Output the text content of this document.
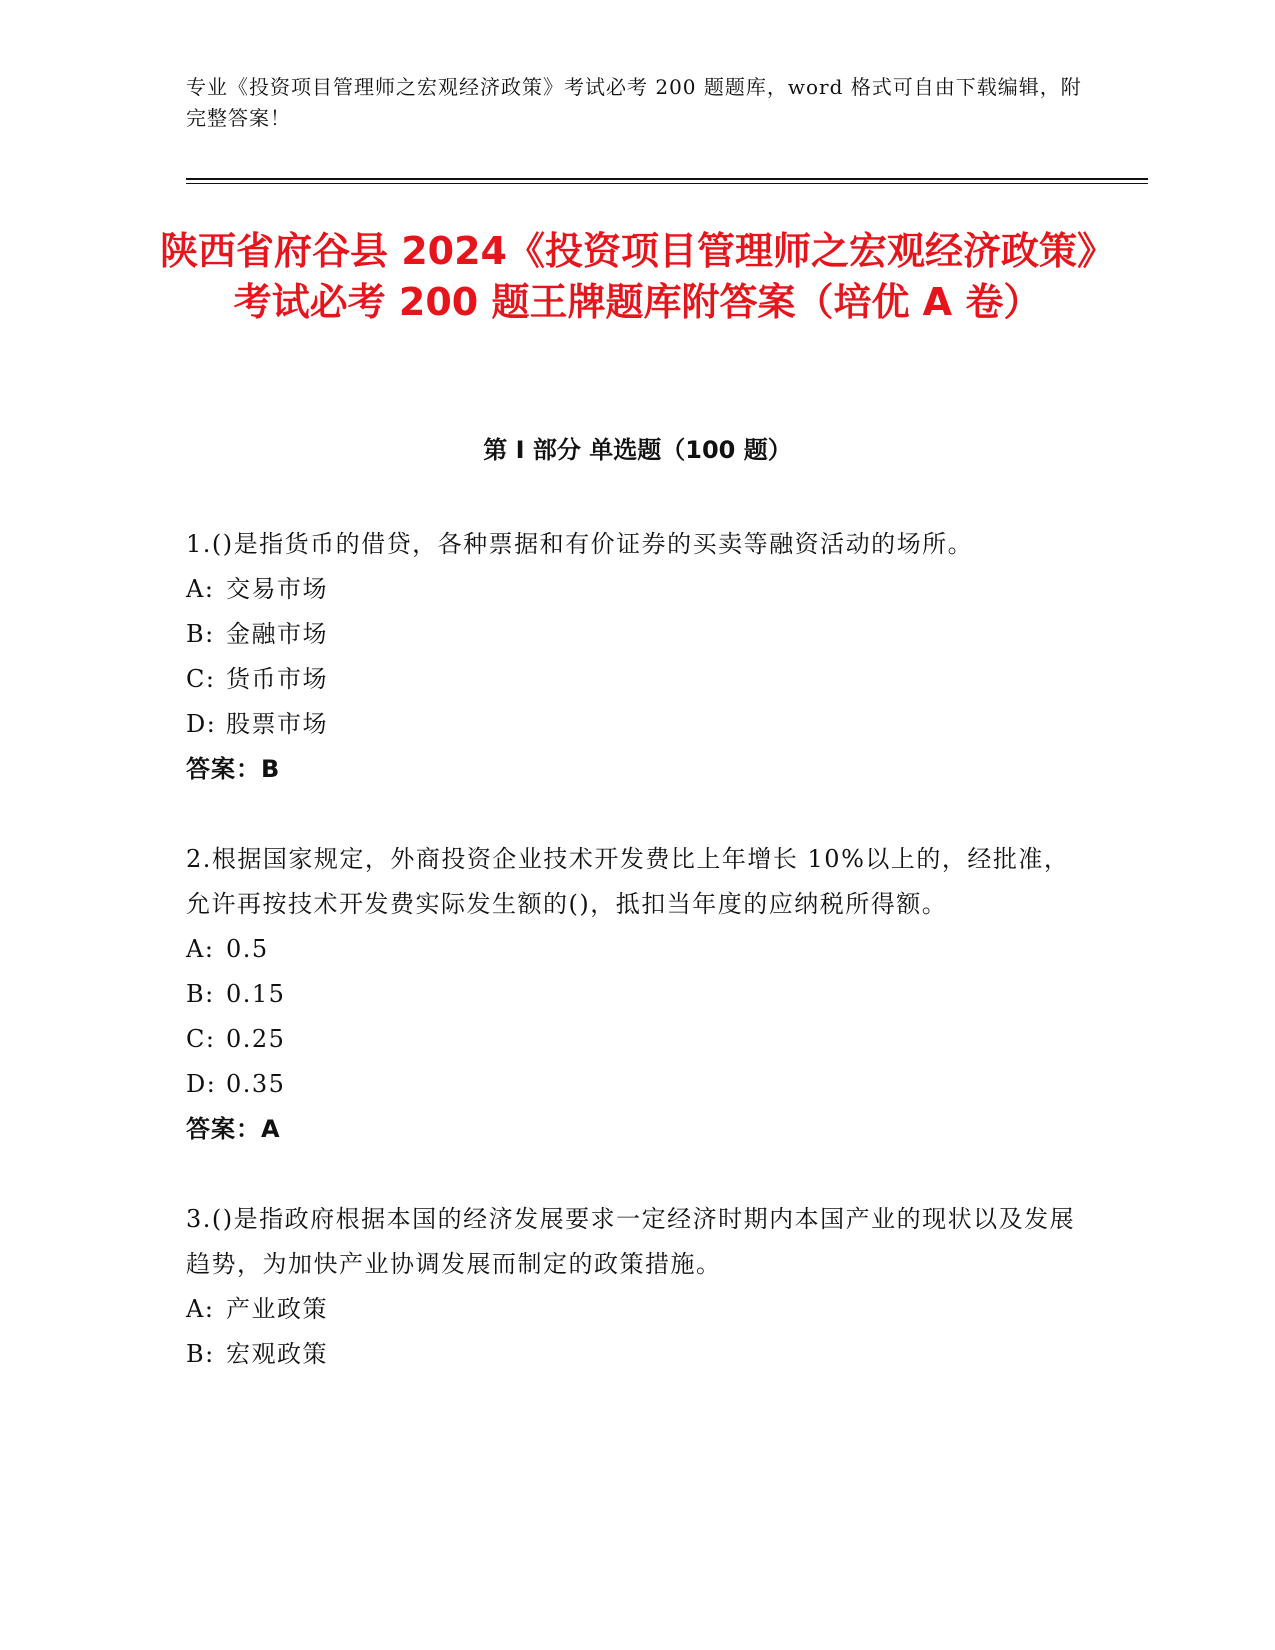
专业《投资项目管理师之宏观经济政策》考试必考 200 题题库，word 格式可自由下载编辑，附完整答案！
陕西省府谷县 2024《投资项目管理师之宏观经济政策》考试必考 200 题王牌题库附答案（培优 A 卷）
第 I 部分 单选题（100 题）

1.()是指货币的借贷，各种票据和有价证券的买卖等融资活动的场所。

A: 交易市场

B: 金融市场

C: 货币市场

D: 股票市场

答案：B

2.根据国家规定，外商投资企业技术开发费比上年增长 10%以上的，经批准，允许再按技术开发费实际发生额的()，抵扣当年度的应纳税所得额。

A: 0.5

B: 0.15

C: 0.25

D: 0.35

答案：A

3.()是指政府根据本国的经济发展要求一定经济时期内本国产业的现状以及发展趋势，为加快产业协调发展而制定的政策措施。

A: 产业政策

B: 宏观政策
